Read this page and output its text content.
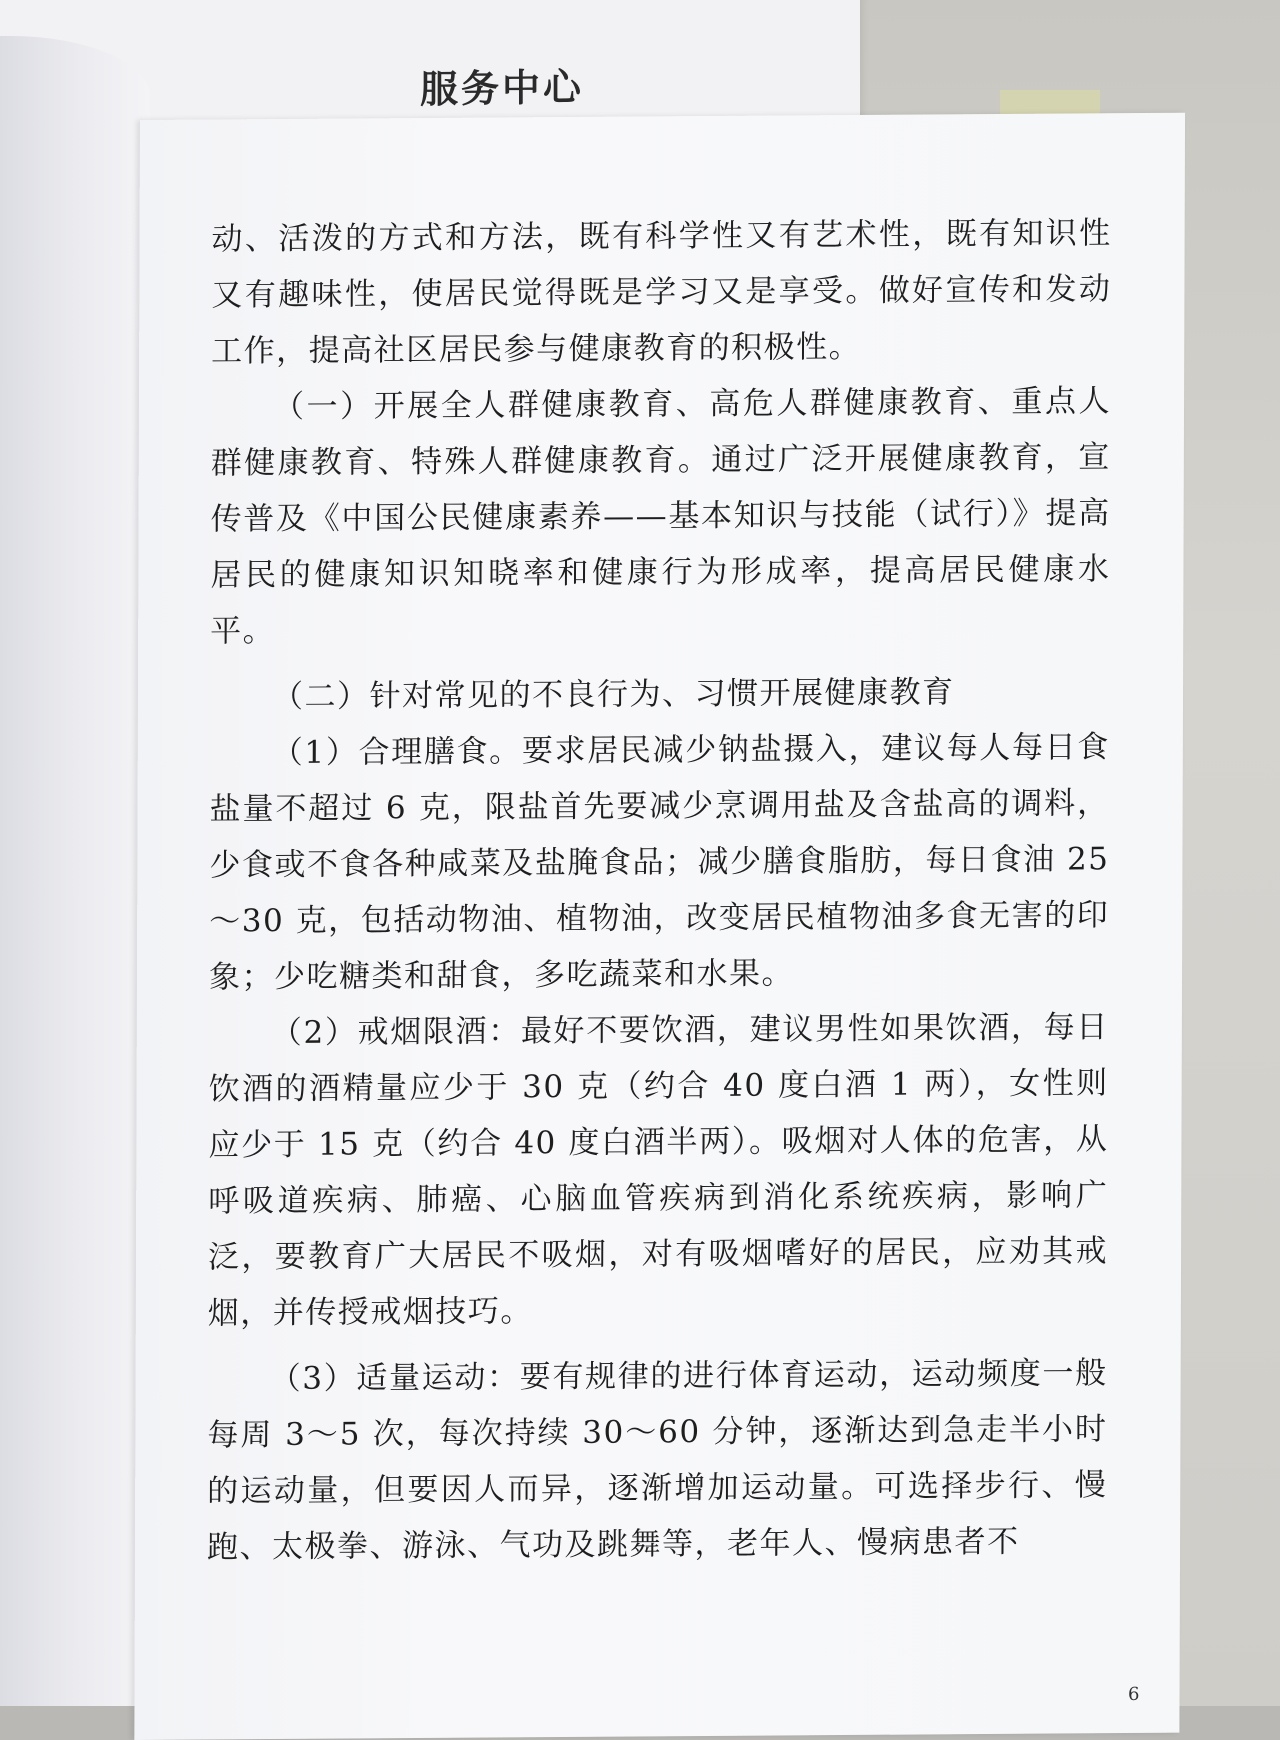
服务中心

动、活泼的方式和方法，既有科学性又有艺术性，既有知识性又有趣味性，使居民觉得既是学习又是享受。做好宣传和发动工作，提高社区居民参与健康教育的积极性。

（一）开展全人群健康教育、高危人群健康教育、重点人群健康教育、特殊人群健康教育。通过广泛开展健康教育，宣传普及《中国公民健康素养——基本知识与技能（试行）》提高居民的健康知识知晓率和健康行为形成率，提高居民健康水平。

（二）针对常见的不良行为、习惯开展健康教育

（1）合理膳食。要求居民减少钠盐摄入，建议每人每日食盐量不超过 6 克，限盐首先要减少烹调用盐及含盐高的调料，少食或不食各种咸菜及盐腌食品；减少膳食脂肪，每日食油 25～30 克，包括动物油、植物油，改变居民植物油多食无害的印象；少吃糖类和甜食，多吃蔬菜和水果。

（2）戒烟限酒：最好不要饮酒，建议男性如果饮酒，每日饮酒的酒精量应少于 30 克（约合 40 度白酒 1 两），女性则应少于 15 克（约合 40 度白酒半两）。吸烟对人体的危害，从呼吸道疾病、肺癌、心脑血管疾病到消化系统疾病，影响广泛，要教育广大居民不吸烟，对有吸烟嗜好的居民，应劝其戒烟，并传授戒烟技巧。

（3）适量运动：要有规律的进行体育运动，运动频度一般每周 3～5 次，每次持续 30～60 分钟，逐渐达到急走半小时的运动量，但要因人而异，逐渐增加运动量。可选择步行、慢跑、太极拳、游泳、气功及跳舞等，老年人、慢病患者不

6
